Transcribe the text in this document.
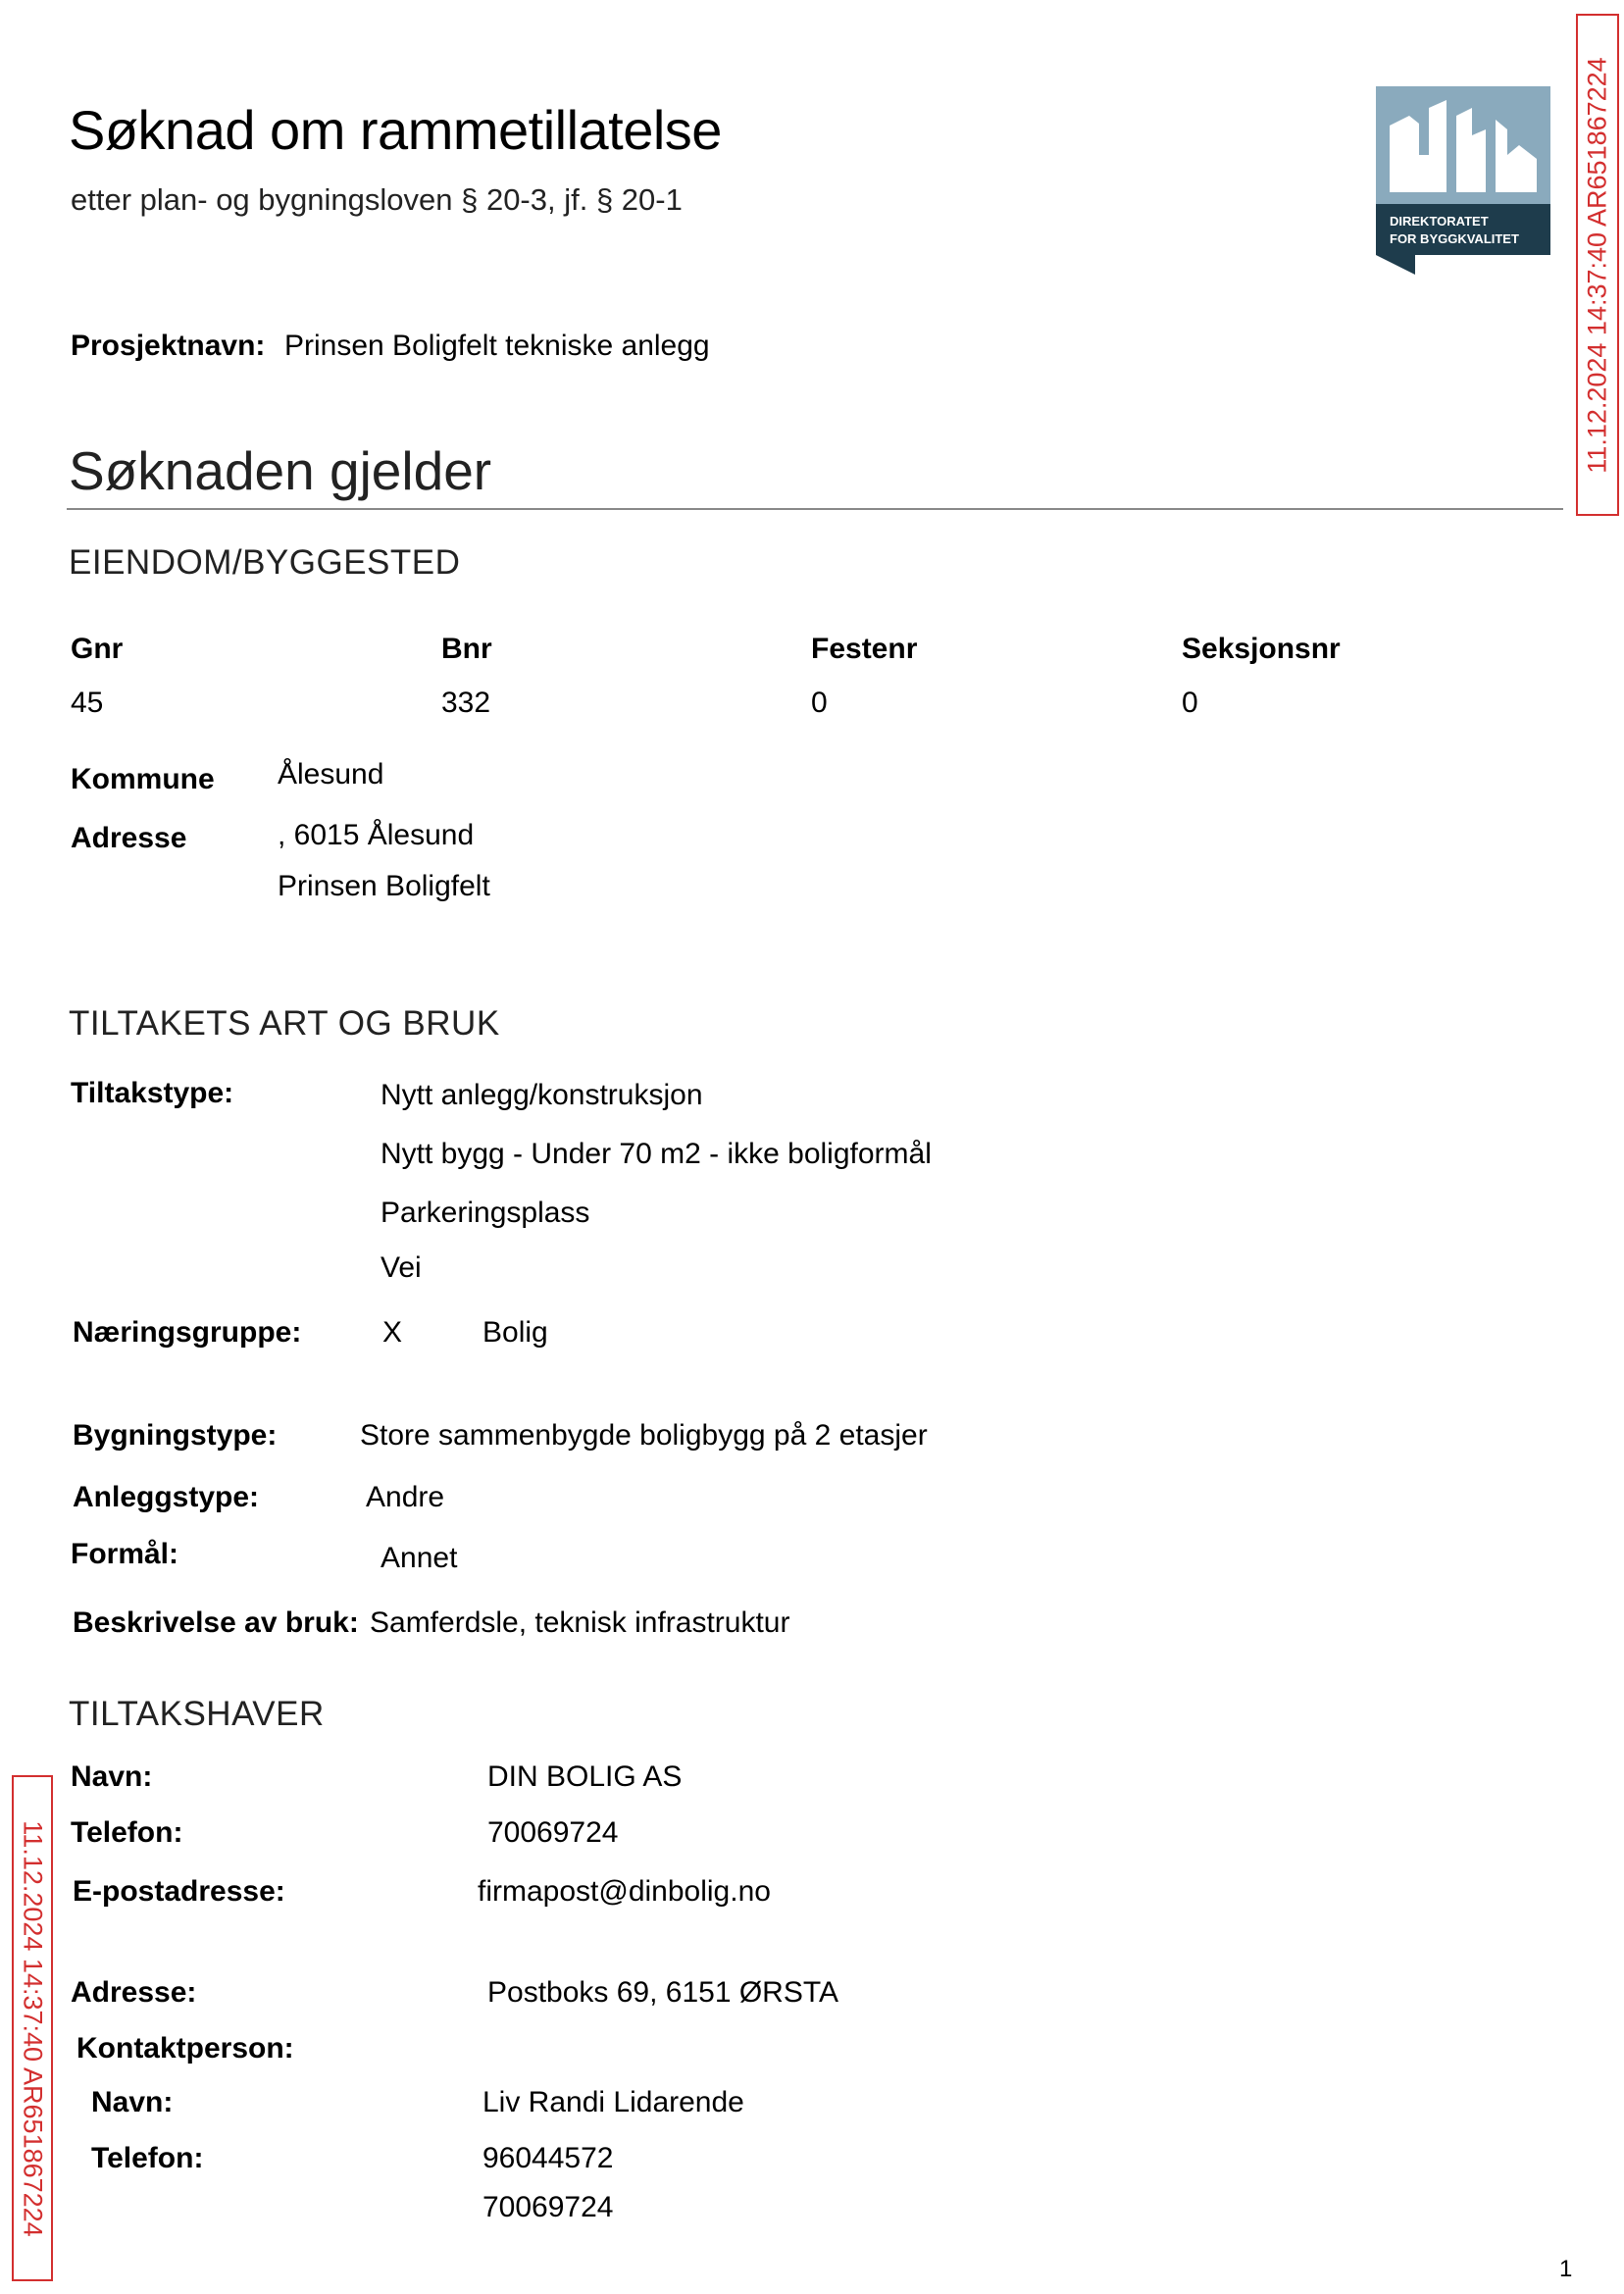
Søknad om rammetillatelse
etter plan- og bygningsloven § 20-3, jf. § 20-1
DIREKTORATET
FOR BYGGKVALITET 11.12.2024 14:37:40 AR651867224
11.12.2024 14:37:40 AR651867224
Prosjektnavn: Prinsen Boligfelt tekniske anlegg
Søknaden gjelder
EIENDOM/BYGGESTED
Gnr	Bnr	Festenr	Seksjonsnr
45	332	0	0
Kommune Ålesund
Adresse	, 6015 Ålesund
Prinsen Boligfelt
TILTAKETS ART OG BRUK
Tiltakstype:	Nytt anlegg/konstruksjon
Nytt bygg - Under 70 m2 - ikke boligformål
Parkeringsplass
Vei
Næringsgruppe:	X	Bolig
Bygningstype:	Store sammenbygde boligbygg på 2 etasjer
Anleggstype:	Andre
Formål:	Annet
Beskrivelse av bruk: Samferdsle, teknisk infrastruktur
TILTAKSHAVER
Navn:	DIN BOLIG AS
Telefon:	70069724
E-postadresse:	firmapost@dinbolig.no
Adresse:	Postboks 69, 6151 ØRSTA
Kontaktperson:
Navn:	Liv Randi Lidarende
Telefon:	96044572
70069724
1
